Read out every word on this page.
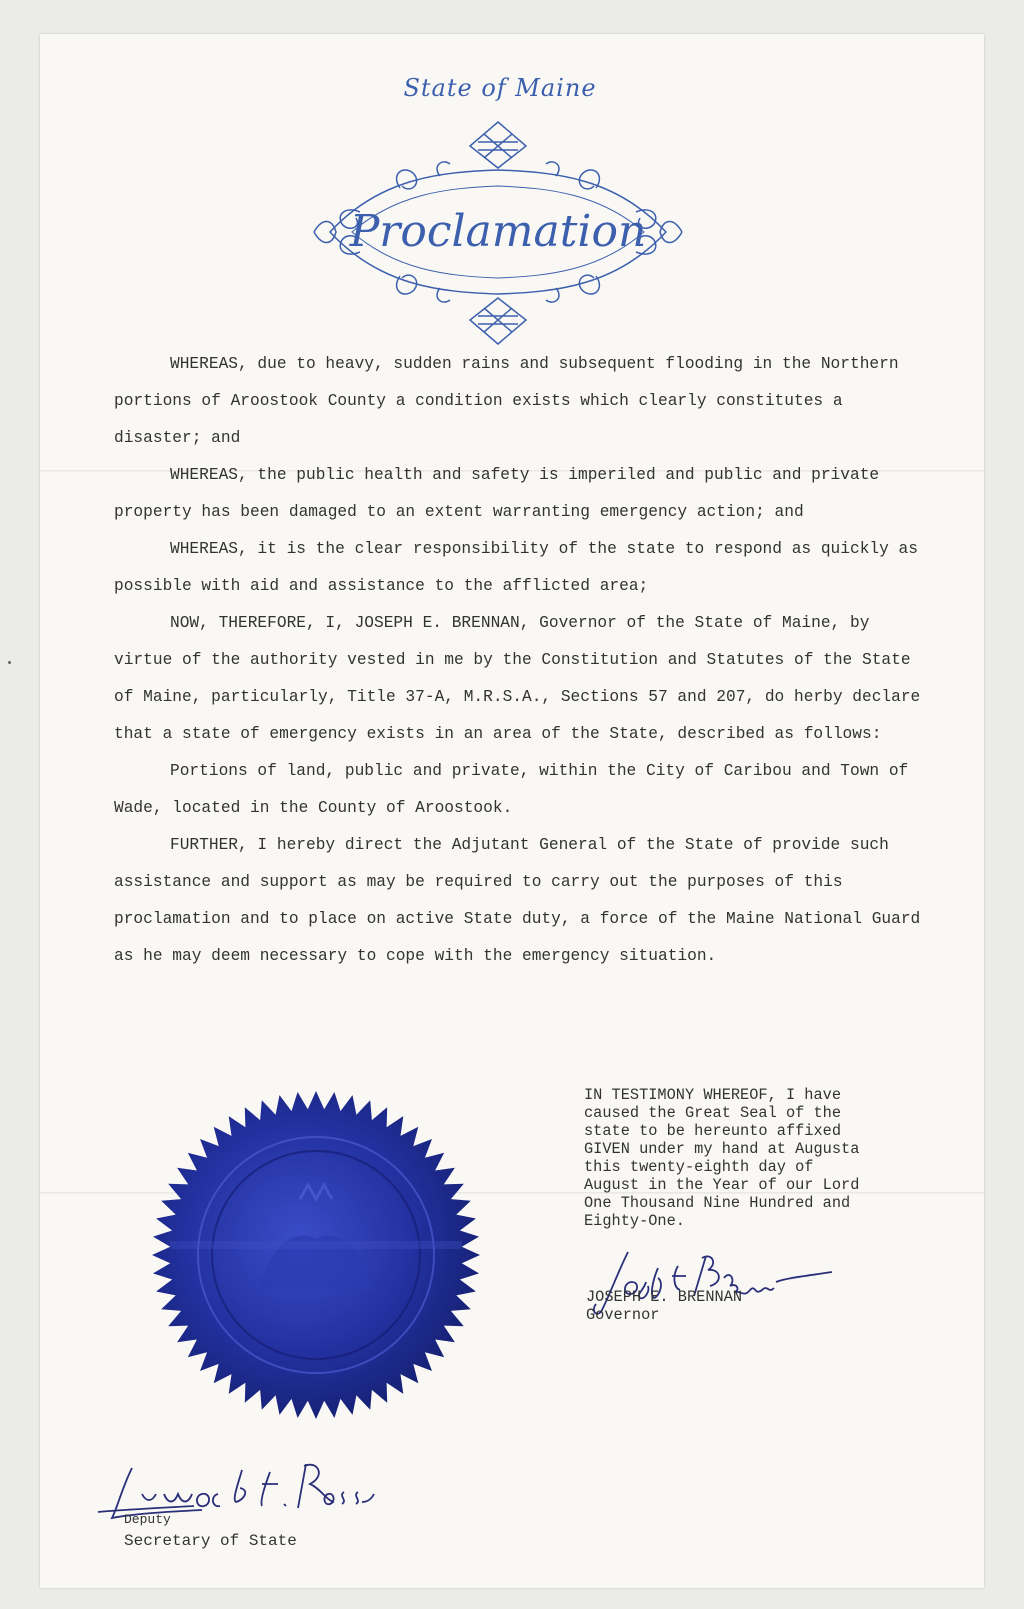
State of Maine
Proclamation

WHEREAS, due to heavy, sudden rains and subsequent flooding in the Northern portions of Aroostook County a condition exists which clearly constitutes a disaster; and

WHEREAS, the public health and safety is imperiled and public and private property has been damaged to an extent warranting emergency action; and

WHEREAS, it is the clear responsibility of the state to respond as quickly as possible with aid and assistance to the afflicted area;

NOW, THEREFORE, I, JOSEPH E. BRENNAN, Governor of the State of Maine, by virtue of the authority vested in me by the Constitution and Statutes of the State of Maine, particularly, Title 37-A, M.R.S.A., Sections 57 and 207, do herby declare that a state of emergency exists in an area of the State, described as follows:

Portions of land, public and private, within the City of Caribou and Town of Wade, located in the County of Aroostook.

FURTHER, I hereby direct the Adjutant General of the State of provide such assistance and support as may be required to carry out the purposes of this proclamation and to place on active State duty, a force of the Maine National Guard as he may deem necessary to cope with the emergency situation.

IN TESTIMONY WHEREOF, I have

caused the Great Seal of the

state to be hereunto affixed

GIVEN under my hand at Augusta

this twenty-eighth day of

August in the Year of our Lord

One Thousand Nine Hundred and

Eighty-One.

JOSEPH E. BRENNAN
Governor
Deputy
Secretary of State
